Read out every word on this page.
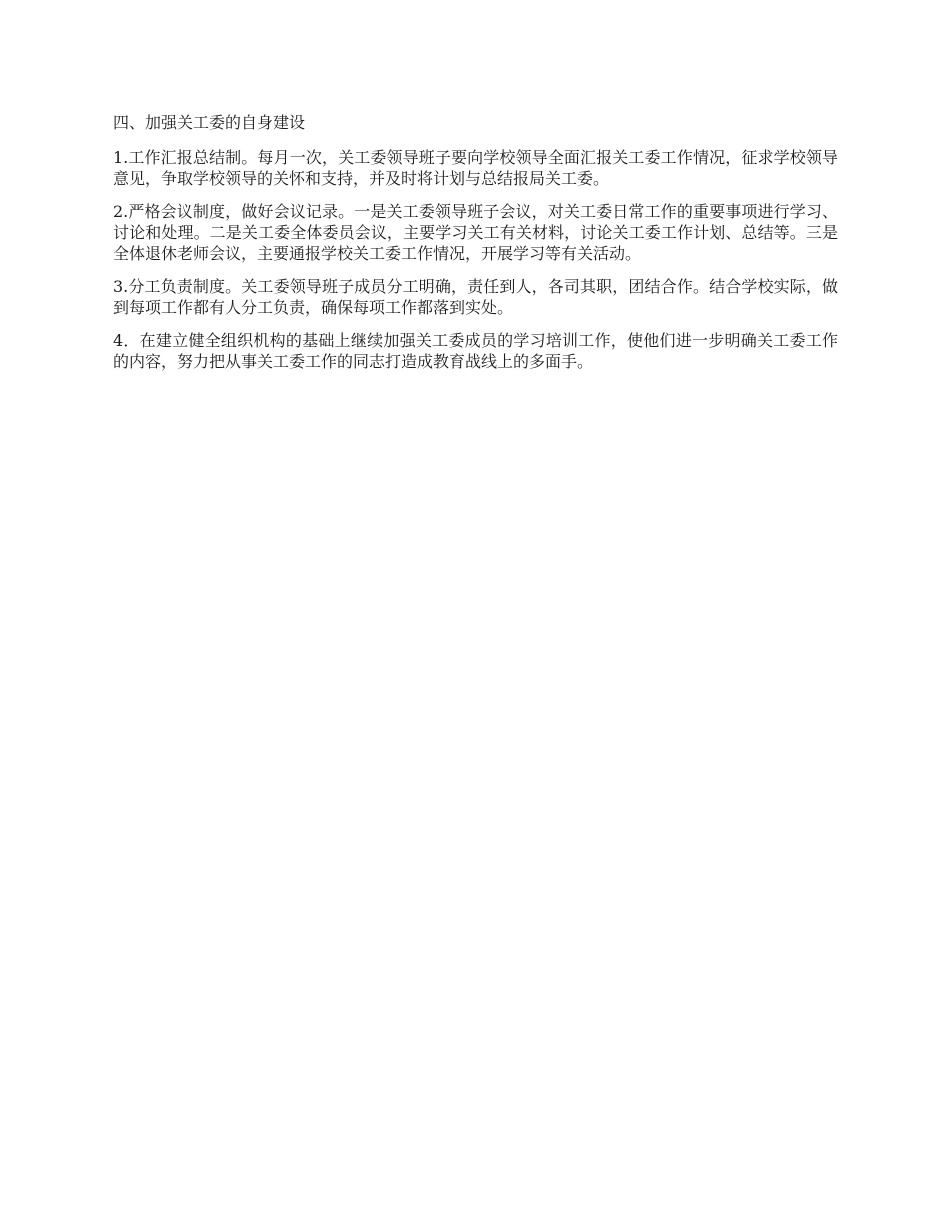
四、加强关工委的自身建设

1.工作汇报总结制。每月一次，关工委领导班子要向学校领导全面汇报关工委工作情况，征求学校领导意见，争取学校领导的关怀和支持，并及时将计划与总结报局关工委。

2.严格会议制度，做好会议记录。一是关工委领导班子会议，对关工委日常工作的重要事项进行学习、讨论和处理。二是关工委全体委员会议，主要学习关工有关材料，讨论关工委工作计划、总结等。三是全体退休老师会议，主要通报学校关工委工作情况，开展学习等有关活动。

3.分工负责制度。关工委领导班子成员分工明确，责任到人，各司其职，团结合作。结合学校实际，做到每项工作都有人分工负责，确保每项工作都落到实处。

4．在建立健全组织机构的基础上继续加强关工委成员的学习培训工作，使他们进一步明确关工委工作的内容，努力把从事关工委工作的同志打造成教育战线上的多面手。
